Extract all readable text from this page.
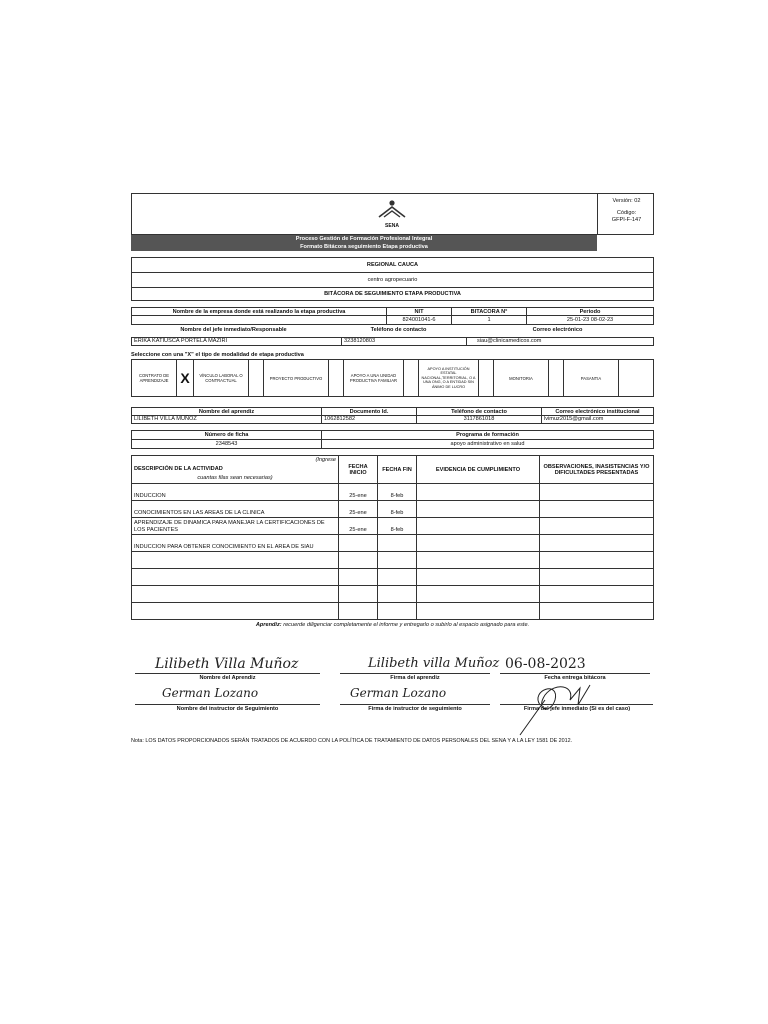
SENA
Versión: 02
Código:
GFPI-F-147
Proceso Gestión de Formación Profesional Integral
Formato Bitácora seguimiento Etapa productiva
REGIONAL CAUCA
centro agropecuario
BITÁCORA DE SEGUIMIENTO ETAPA PRODUCTIVA
Nombre de la empresa donde está realizando la etapa productiva	NIT	BITACORA N°	Periodo
	824001041-6	1	25-01-23 08-02-23
Nombre del jefe inmediato/Responsable	Teléfono de contacto	Correo electrónico
ERIKA KATIUSCA PORTELA MAZIRI	3238120803	siau@clinicamedicos.com
Seleccione con una "X" el tipo de modalidad de etapa productiva
CONTRATO DE APRENDIZAJE	X	VÍNCULO LABORAL O CONTRACTUAL		PROYECTO PRODUCTIVO		APOYO A UNA UNIDAD PRODUCTIVA FAMILIAR		APOYO A INSTITUCIÓN ESTATAL NACIONAL,TERRITORIAL, O A UNA ONG, O A ENTIDAD SIN ÁNIMO DE LUCRO		MONITORIA		PASANTIA	
Nombre del aprendiz	Documento Id.	Teléfono de contacto	Correo electrónico institucional
LILIBETH VILLA MUÑOZ	1062812582	3117861018	lvimuz2015@gmail.com
Número de ficha	Programa de formación
2348543	apoyo administrativo en salud
DESCRIPCIÓN DE LA ACTIVIDAD
(Ingrese
cuantas filas sean necesarias)	FECHA INICIO	FECHA FIN	EVIDENCIA DE CUMPLIMIENTO	OBSERVACIONES, INASISTENCIAS Y/O DIFICULTADES PRESENTADAS
INDUCCION	25-ene	8-feb		
CONOCIMIENTOS EN LAS AREAS DE LA CLINICA	25-ene	8-feb		
APRENDIZAJE DE DINAMICA PARA MANEJAR LA CERTIFICACIONES DE LOS PACIENTES	25-ene	8-feb		
INDUCCION PARA OBTENER CONOCIMIENTO EN EL AREA DE SIAU				

Aprendiz: recuerde diligenciar completamente el informe y entregarlo o subirlo al espacio asignado para este.
Lilibeth Villa Muñoz
Nombre del Aprendiz
Lilibeth villa Muñoz
Firma del aprendiz
06-08-2023
Fecha entrega bitácora
German Lozano
Nombre del instructor de Seguimiento
German Lozano
Firma de instructor de seguimiento	Firma del jefe inmediato (Si es del caso)
Nota: LOS DATOS PROPORCIONADOS SERÁN TRATADOS DE ACUERDO CON LA POLÍTICA DE TRATAMIENTO DE DATOS PERSONALES DEL SENA Y A LA LEY 1581 DE 2012.
